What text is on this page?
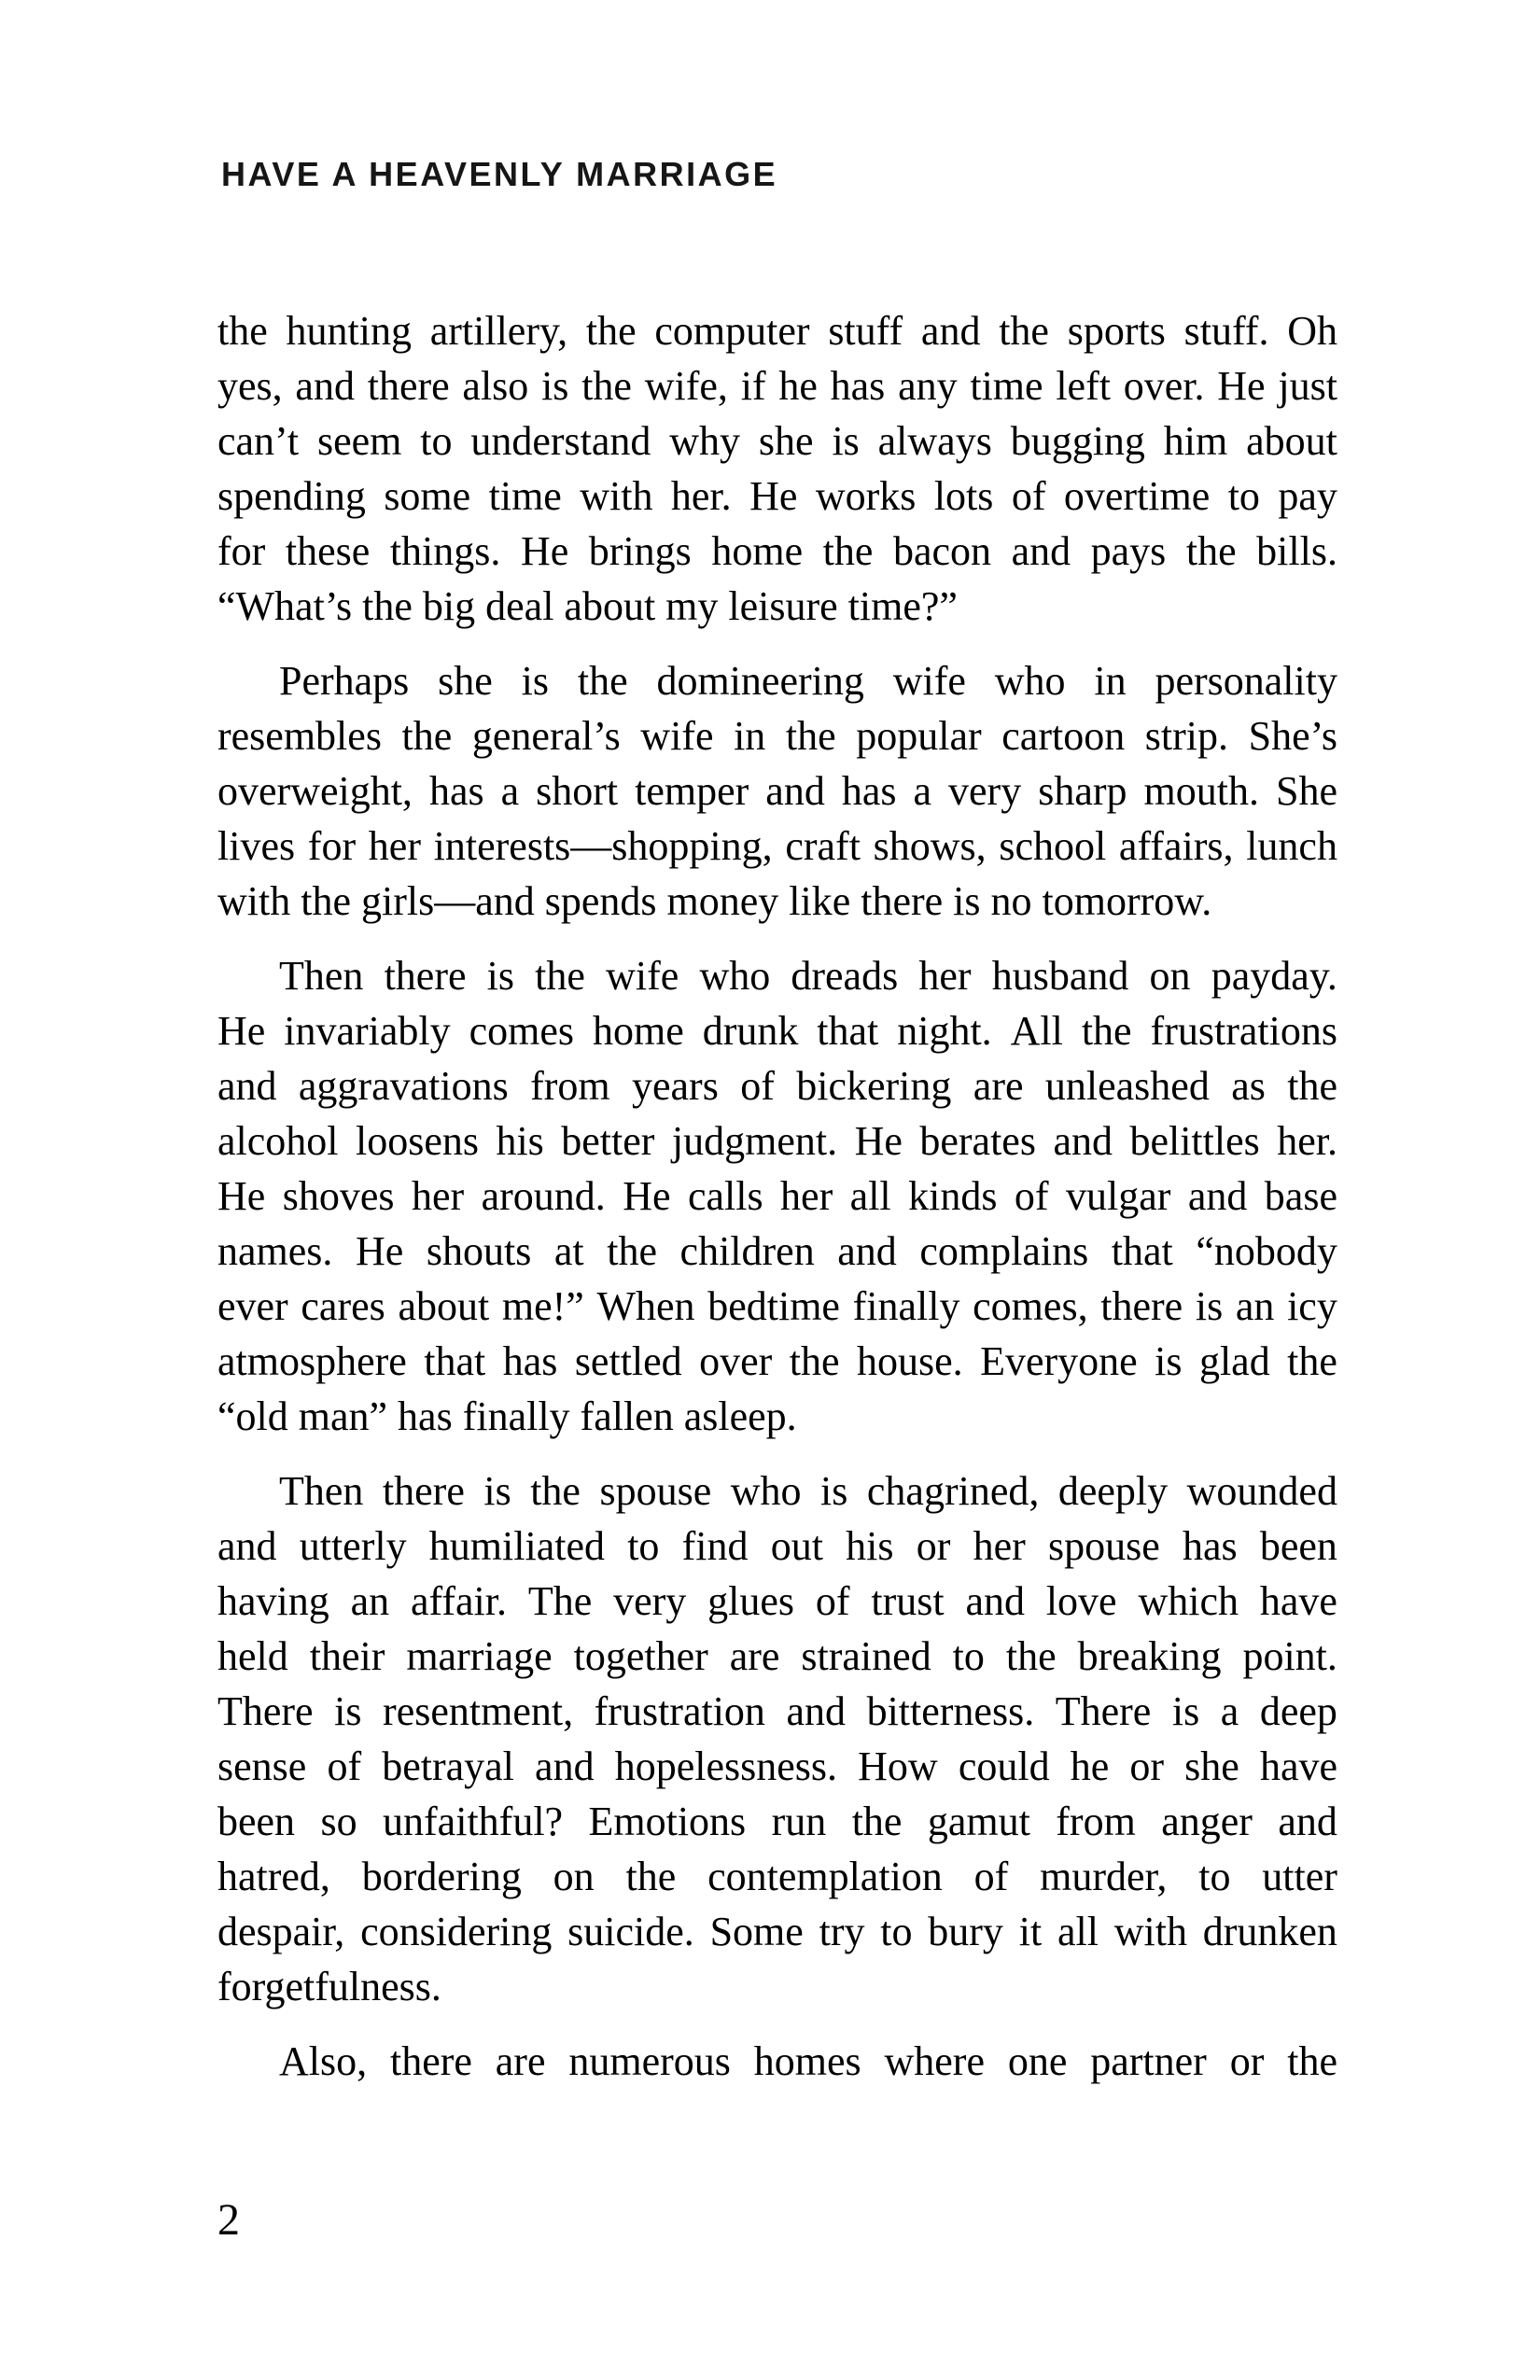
HAVE A HEAVENLY MARRIAGE
the hunting artillery, the computer stuff and the sports stuff. Oh
yes, and there also is the wife, if he has any time left over. He just
can’t seem to understand why she is always bugging him about
spending some time with her. He works lots of overtime to pay
for these things. He brings home the bacon and pays the bills.
“What’s the big deal about my leisure time?”
Perhaps she is the domineering wife who in personality
resembles the general’s wife in the popular cartoon strip. She’s
overweight, has a short temper and has a very sharp mouth. She
lives for her interests—shopping, craft shows, school affairs, lunch
with the girls—and spends money like there is no tomorrow.
Then there is the wife who dreads her husband on payday.
He invariably comes home drunk that night. All the frustrations
and aggravations from years of bickering are unleashed as the
alcohol loosens his better judgment. He berates and belittles her.
He shoves her around. He calls her all kinds of vulgar and base
names. He shouts at the children and complains that “nobody
ever cares about me!” When bedtime finally comes, there is an icy
atmosphere that has settled over the house. Everyone is glad the
“old man” has finally fallen asleep.
Then there is the spouse who is chagrined, deeply wounded
and utterly humiliated to find out his or her spouse has been
having an affair. The very glues of trust and love which have
held their marriage together are strained to the breaking point.
There is resentment, frustration and bitterness. There is a deep
sense of betrayal and hopelessness. How could he or she have
been so unfaithful? Emotions run the gamut from anger and
hatred, bordering on the contemplation of murder, to utter
despair, considering suicide. Some try to bury it all with drunken
forgetfulness.
Also, there are numerous homes where one partner or the
2
